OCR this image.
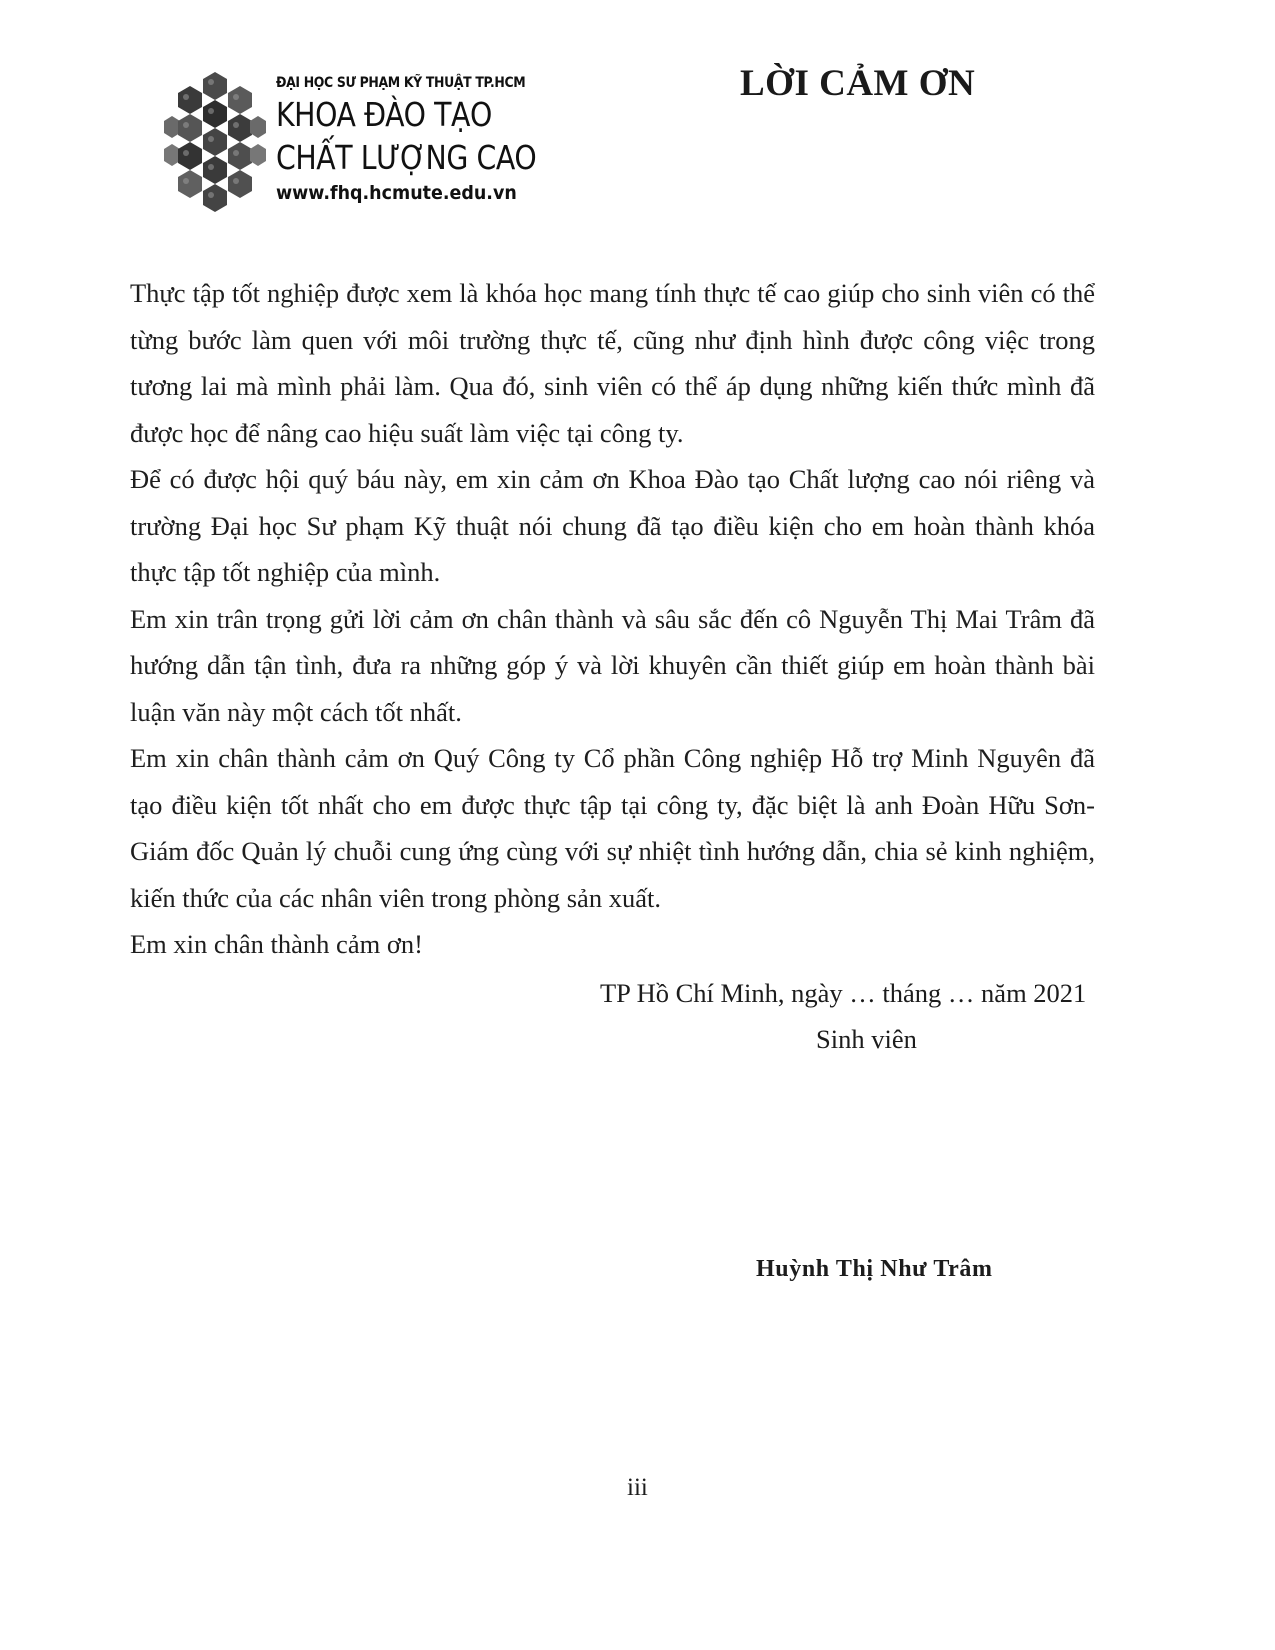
ĐẠI HỌC SƯ PHẠM KỸ THUẬT TP.HCM
KHOA ĐÀO TẠO
CHẤT LƯỢNG CAO
www.fhq.hcmute.edu.vn
LỜI CẢM ƠN

Thực tập tốt nghiệp được xem là khóa học mang tính thực tế cao giúp cho sinh viên có thể từng bước làm quen với môi trường thực tế, cũng như định hình được công việc trong tương lai mà mình phải làm. Qua đó, sinh viên có thể áp dụng những kiến thức mình đã được học để nâng cao hiệu suất làm việc tại công ty.

Để có được hội quý báu này, em xin cảm ơn Khoa Đào tạo Chất lượng cao nói riêng và trường Đại học Sư phạm Kỹ thuật nói chung đã tạo điều kiện cho em hoàn thành khóa thực tập tốt nghiệp của mình.

Em xin trân trọng gửi lời cảm ơn chân thành và sâu sắc đến cô Nguyễn Thị Mai Trâm đã hướng dẫn tận tình, đưa ra những góp ý và lời khuyên cần thiết giúp em hoàn thành bài luận văn này một cách tốt nhất.

Em xin chân thành cảm ơn Quý Công ty Cổ phần Công nghiệp Hỗ trợ Minh Nguyên đã tạo điều kiện tốt nhất cho em được thực tập tại công ty, đặc biệt là anh Đoàn Hữu Sơn-Giám đốc Quản lý chuỗi cung ứng cùng với sự nhiệt tình hướng dẫn, chia sẻ kinh nghiệm, kiến thức của các nhân viên trong phòng sản xuất.

Em xin chân thành cảm ơn!

TP Hồ Chí Minh, ngày … tháng … năm 2021
Sinh viên
Huỳnh Thị Như Trâm
iii
